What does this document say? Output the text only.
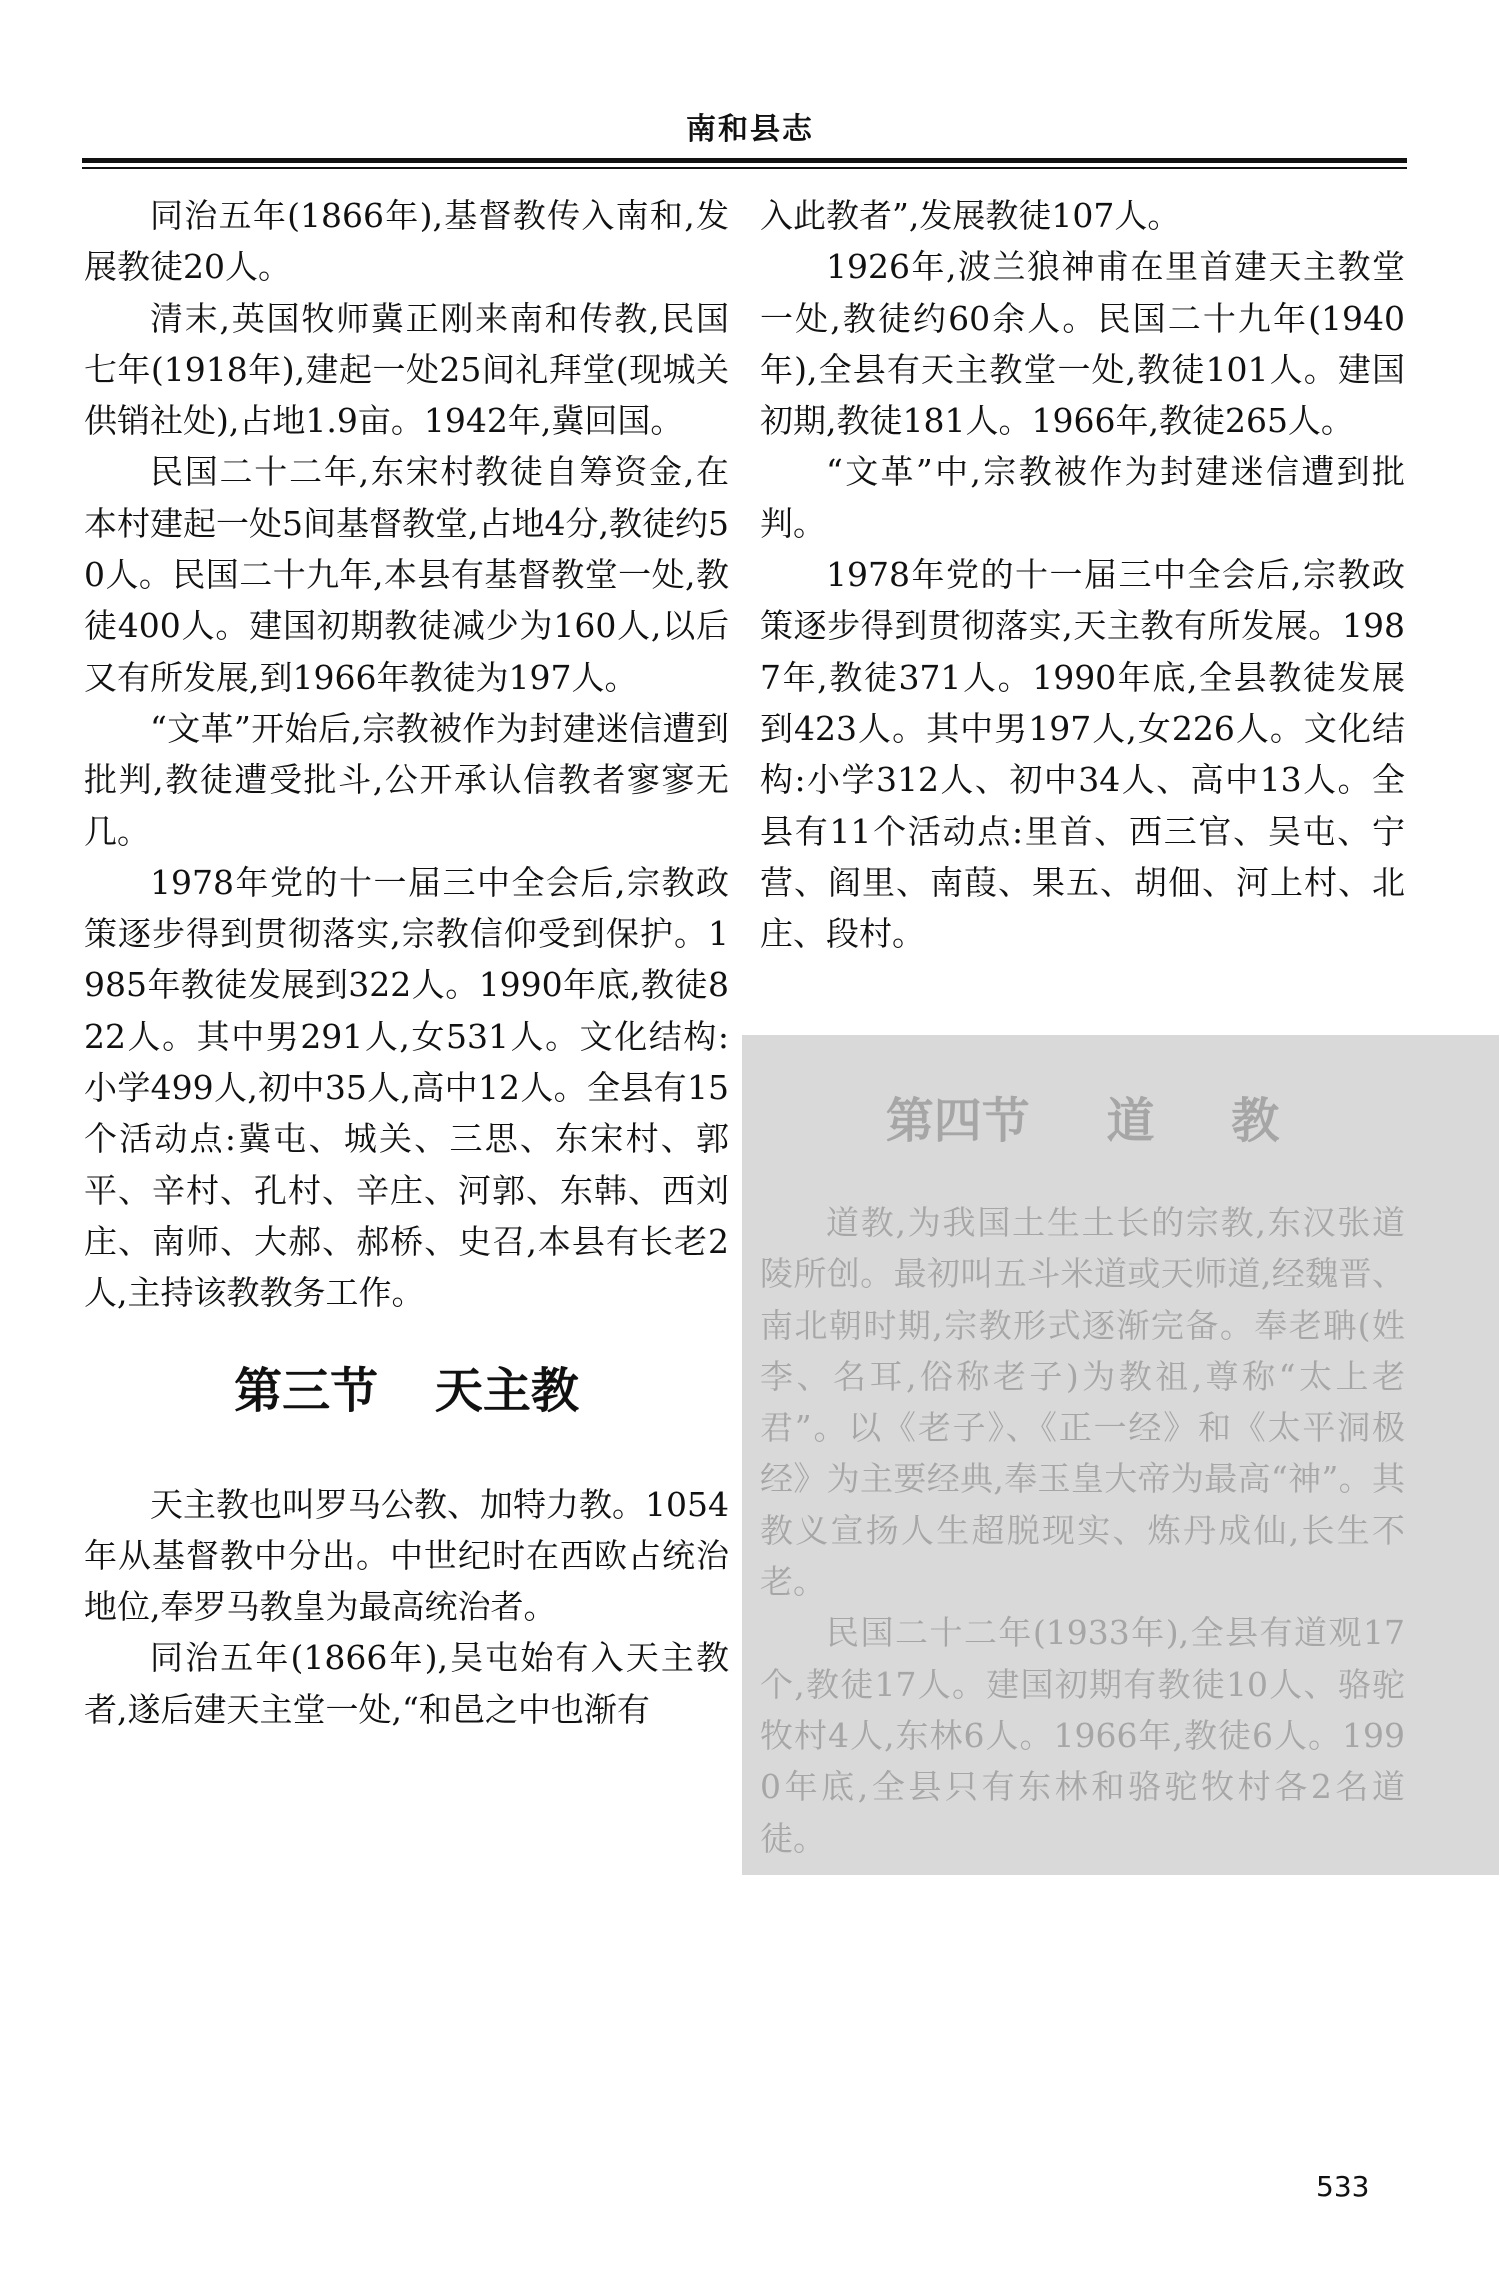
南和县志

同治五年(1866年),基督教传入南和,发展教徒20人。

清末,英国牧师冀正刚来南和传教,民国七年(1918年),建起一处25间礼拜堂(现城关供销社处),占地1.9亩。1942年,冀回国。

民国二十二年,东宋村教徒自筹资金,在本村建起一处5间基督教堂,占地4分,教徒约50人。民国二十九年,本县有基督教堂一处,教徒400人。建国初期教徒减少为160人,以后又有所发展,到1966年教徒为197人。

“文革”开始后,宗教被作为封建迷信遭到批判,教徒遭受批斗,公开承认信教者寥寥无几。

1978年党的十一届三中全会后,宗教政策逐步得到贯彻落实,宗教信仰受到保护。1985年教徒发展到322人。1990年底,教徒822人。其中男291人,女531人。文化结构:小学499人,初中35人,高中12人。全县有15个活动点:冀屯、城关、三思、东宋村、郭平、辛村、孔村、辛庄、河郭、东韩、西刘庄、南师、大郝、郝桥、史召,本县有长老2人,主持该教教务工作。

第三节 天主教

天主教也叫罗马公教、加特力教。1054年从基督教中分出。中世纪时在西欧占统治地位,奉罗马教皇为最高统治者。

同治五年(1866年),吴屯始有入天主教者,遂后建天主堂一处,“和邑之中也渐有

入此教者”,发展教徒107人。

1926年,波兰狼神甫在里首建天主教堂一处,教徒约60余人。民国二十九年(1940年),全县有天主教堂一处,教徒101人。建国初期,教徒181人。1966年,教徒265人。

“文革”中,宗教被作为封建迷信遭到批判。

1978年党的十一届三中全会后,宗教政策逐步得到贯彻落实,天主教有所发展。1987年,教徒371人。1990年底,全县教徒发展到423人。其中男197人,女226人。文化结构:小学312人、初中34人、高中13人。全县有11个活动点:里首、西三官、吴屯、宁营、阎里、南葭、果五、胡佃、河上村、北庄、段村。

第四节 道 教

道教,为我国土生土长的宗教,东汉张道陵所创。最初叫五斗米道或天师道,经魏晋、南北朝时期,宗教形式逐渐完备。奉老聃(姓李、名耳,俗称老子)为教祖,尊称“太上老君”。以《老子》、《正一经》和《太平洞极经》为主要经典,奉玉皇大帝为最高“神”。其教义宣扬人生超脱现实、炼丹成仙,长生不老。

民国二十二年(1933年),全县有道观17个,教徒17人。建国初期有教徒10人、骆驼牧村4人,东林6人。1966年,教徒6人。1990年底,全县只有东林和骆驼牧村各2名道徒。

533
